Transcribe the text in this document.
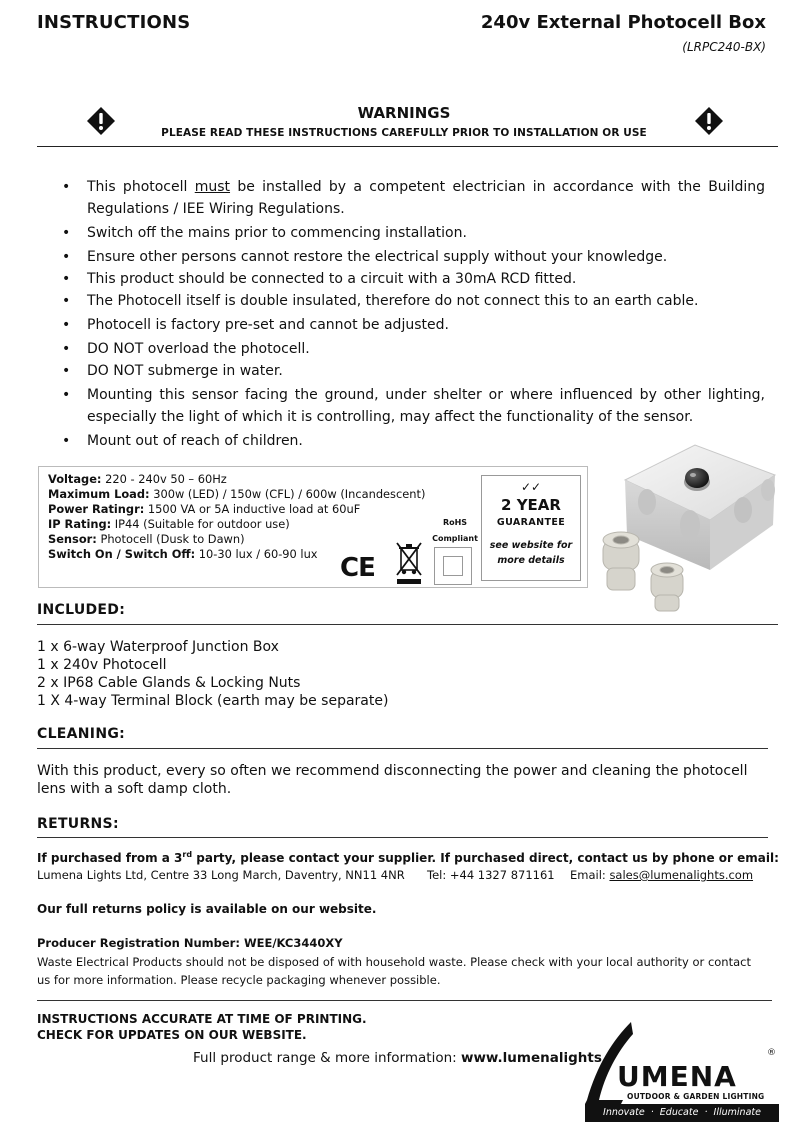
INSTRUCTIONS	240v External Photocell Box
(LRPC240-BX)
WARNINGS
PLEASE READ THESE INSTRUCTIONS CAREFULLY PRIOR TO INSTALLATION OR USE
• This photocell must be installed by a competent electrician in accordance with the Building Regulations / IEE Wiring Regulations.
• Switch off the mains prior to commencing installation.
• Ensure other persons cannot restore the electrical supply without your knowledge.
• This product should be connected to a circuit with a 30mA RCD fitted.
• The Photocell itself is double insulated, therefore do not connect this to an earth cable.
• Photocell is factory pre-set and cannot be adjusted.
• DO NOT overload the photocell.
• DO NOT submerge in water.
• Mounting this sensor facing the ground, under shelter or where influenced by other lighting, especially the light of which it is controlling, may affect the functionality of the sensor.
• Mount out of reach of children.
Voltage: 220 - 240v 50 – 60Hz
Maximum Load: 300w (LED) / 150w (CFL) / 600w (Incandescent)
Power Ratingr: 1500 VA or 5A inductive load at 60uF
IP Rating: IP44 (Suitable for outdoor use)
Sensor: Photocell (Dusk to Dawn)
Switch On / Switch Off: 10-30 lux / 60-90 lux CE
RoHS
Compliant
✓✓
2 YEAR
GUARANTEE
see website for
more details
INCLUDED:
1 x 6-way Waterproof Junction Box
1 x 240v Photocell
2 x IP68 Cable Glands & Locking Nuts
1 X 4-way Terminal Block (earth may be separate)
CLEANING:
With this product, every so often we recommend disconnecting the power and cleaning the photocell lens with a soft damp cloth.
RETURNS:
If purchased from a 3rd party, please contact your supplier. If purchased direct, contact us by phone or email:
Lumena Lights Ltd, Centre 33 Long March, Daventry, NN11 4NR Tel: +44 1327 871161 Email: sales@lumenalights.com
Our full returns policy is available on our website.
Producer Registration Number: WEE/KC3440XY
Waste Electrical Products should not be disposed of with household waste. Please check with your local authority or contact us for more information. Please recycle packaging whenever possible.
INSTRUCTIONS ACCURATE AT TIME OF PRINTING.
CHECK FOR UPDATES ON OUR WEBSITE.
Full product range & more information: www.lumenalights
UMENA
®
OUTDOOR & GARDEN LIGHTING
Innovate  ·  Educate  ·  Illuminate
